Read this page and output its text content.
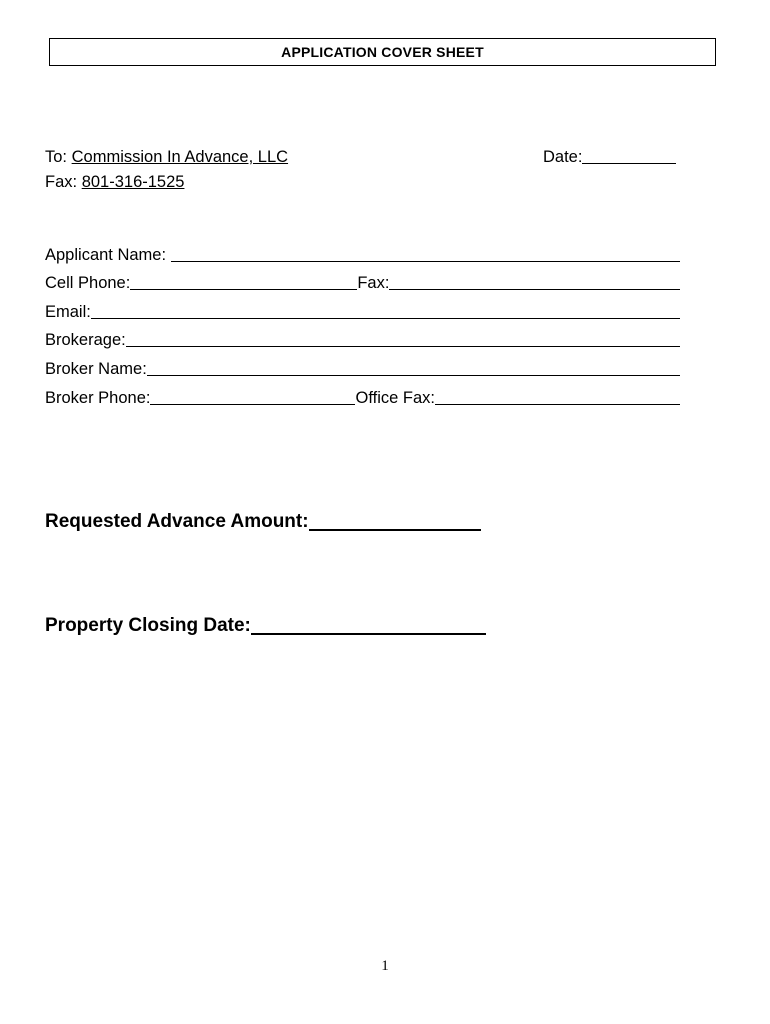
APPLICATION COVER SHEET
To: Commission In Advance, LLC	Date:
Fax: 801-316-1525
Applicant Name:
Cell Phone:	Fax:
Email:
Brokerage:
Broker Name:
Broker Phone:	Office Fax:
Requested Advance Amount:
Property Closing Date:
1
